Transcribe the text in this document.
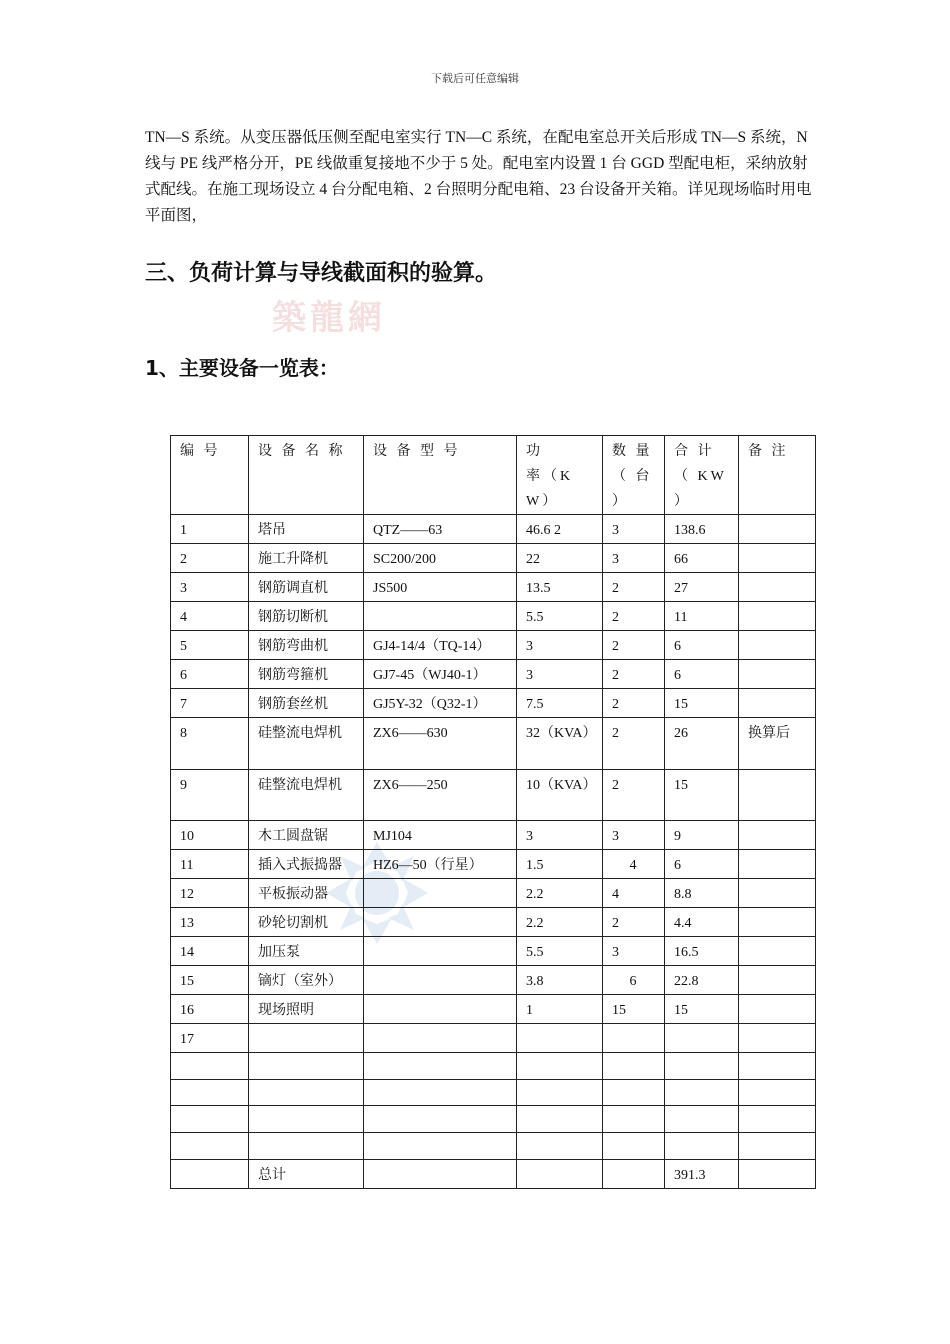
下载后可任意编辑

TN—S 系统。从变压器低压侧至配电室实行 TN—C 系统，在配电室总开关后形成 TN—S 系统，N 线与 PE 线严格分开，PE 线做重复接地不少于 5 处。配电室内设置 1 台 GGD 型配电柜，采纳放射式配线。在施工现场设立 4 台分配电箱、2 台照明分配电箱、23 台设备开关箱。详见现场临时用电平面图，

築龍網
三、负荷计算与导线截面积的验算。
1、主要设备一览表：
编 号	设 备 名 称	设 备 型 号	功　　率（KW）	数 量（ 台 ）	合 计（ KW ）	备 注
1	塔吊	QTZ——63	46.6 2	3	138.6	
2	施工升降机	SC200/200	22	3	66	
3	钢筋调直机	JS500	13.5	2	27	
4	钢筋切断机		5.5	2	11	
5	钢筋弯曲机	GJ4-14/4（TQ-14）	3	2	6	
6	钢筋弯箍机	GJ7-45（WJ40-1）	3	2	6	
7	钢筋套丝机	GJ5Y-32（Q32-1）	7.5	2	15	
8	硅整流电焊机	ZX6——630	32（KVA）	2	26	换算后
9	硅整流电焊机	ZX6——250	10（KVA）	2	15	
10	木工圆盘锯	MJ104	3	3	9	
11	插入式振捣器	HZ6—50（行星）	1.5	　 4	6	
12	平板振动器		2.2	4	8.8	
13	砂轮切割机		2.2	2	4.4	
14	加压泵		5.5	3	16.5	
15	镝灯（室外）		3.8	　 6	22.8	
16	现场照明		1	15	15	
17						

	总计				391.3	
